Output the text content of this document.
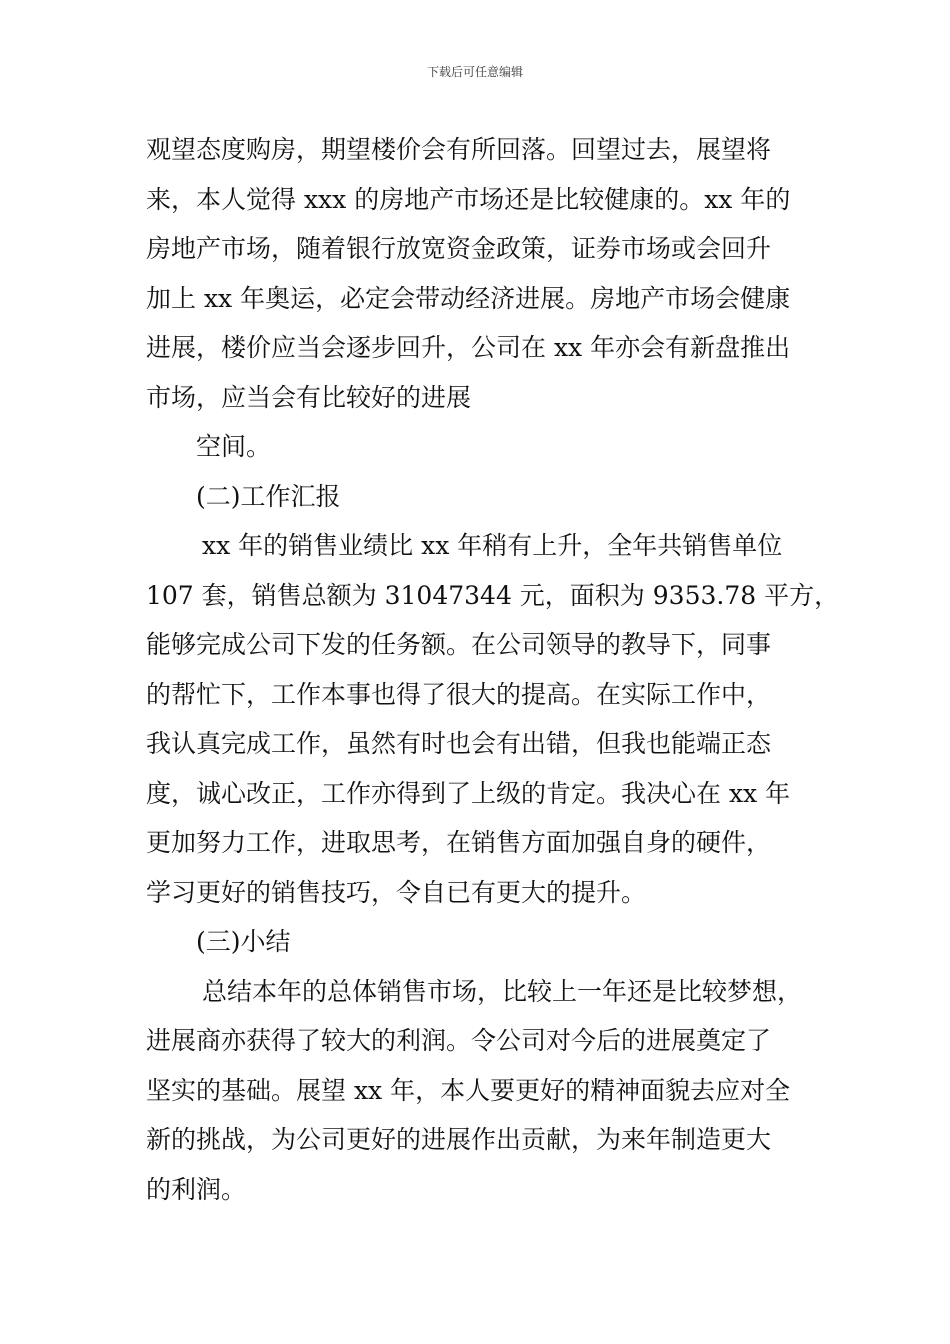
下载后可任意编辑
观望态度购房，期望楼价会有所回落。回望过去，展望将
来，本人觉得 xxx 的房地产市场还是比较健康的。xx 年的
房地产市场，随着银行放宽资金政策，证券市场或会回升
加上 xx 年奥运，必定会带动经济进展。房地产市场会健康
进展，楼价应当会逐步回升，公司在 xx 年亦会有新盘推出
市场，应当会有比较好的进展
空间。
(二)工作汇报
xx 年的销售业绩比 xx 年稍有上升，全年共销售单位
107 套，销售总额为 31047344 元，面积为 9353.78 平方，
能够完成公司下发的任务额。在公司领导的教导下，同事
的帮忙下，工作本事也得了很大的提高。在实际工作中，
我认真完成工作，虽然有时也会有出错，但我也能端正态
度，诚心改正，工作亦得到了上级的肯定。我决心在 xx 年
更加努力工作，进取思考，在销售方面加强自身的硬件，
学习更好的销售技巧，令自已有更大的提升。
(三)小结
总结本年的总体销售市场，比较上一年还是比较梦想，
进展商亦获得了较大的利润。令公司对今后的进展奠定了
坚实的基础。展望 xx 年，本人要更好的精神面貌去应对全
新的挑战，为公司更好的进展作出贡献，为来年制造更大
的利润。
